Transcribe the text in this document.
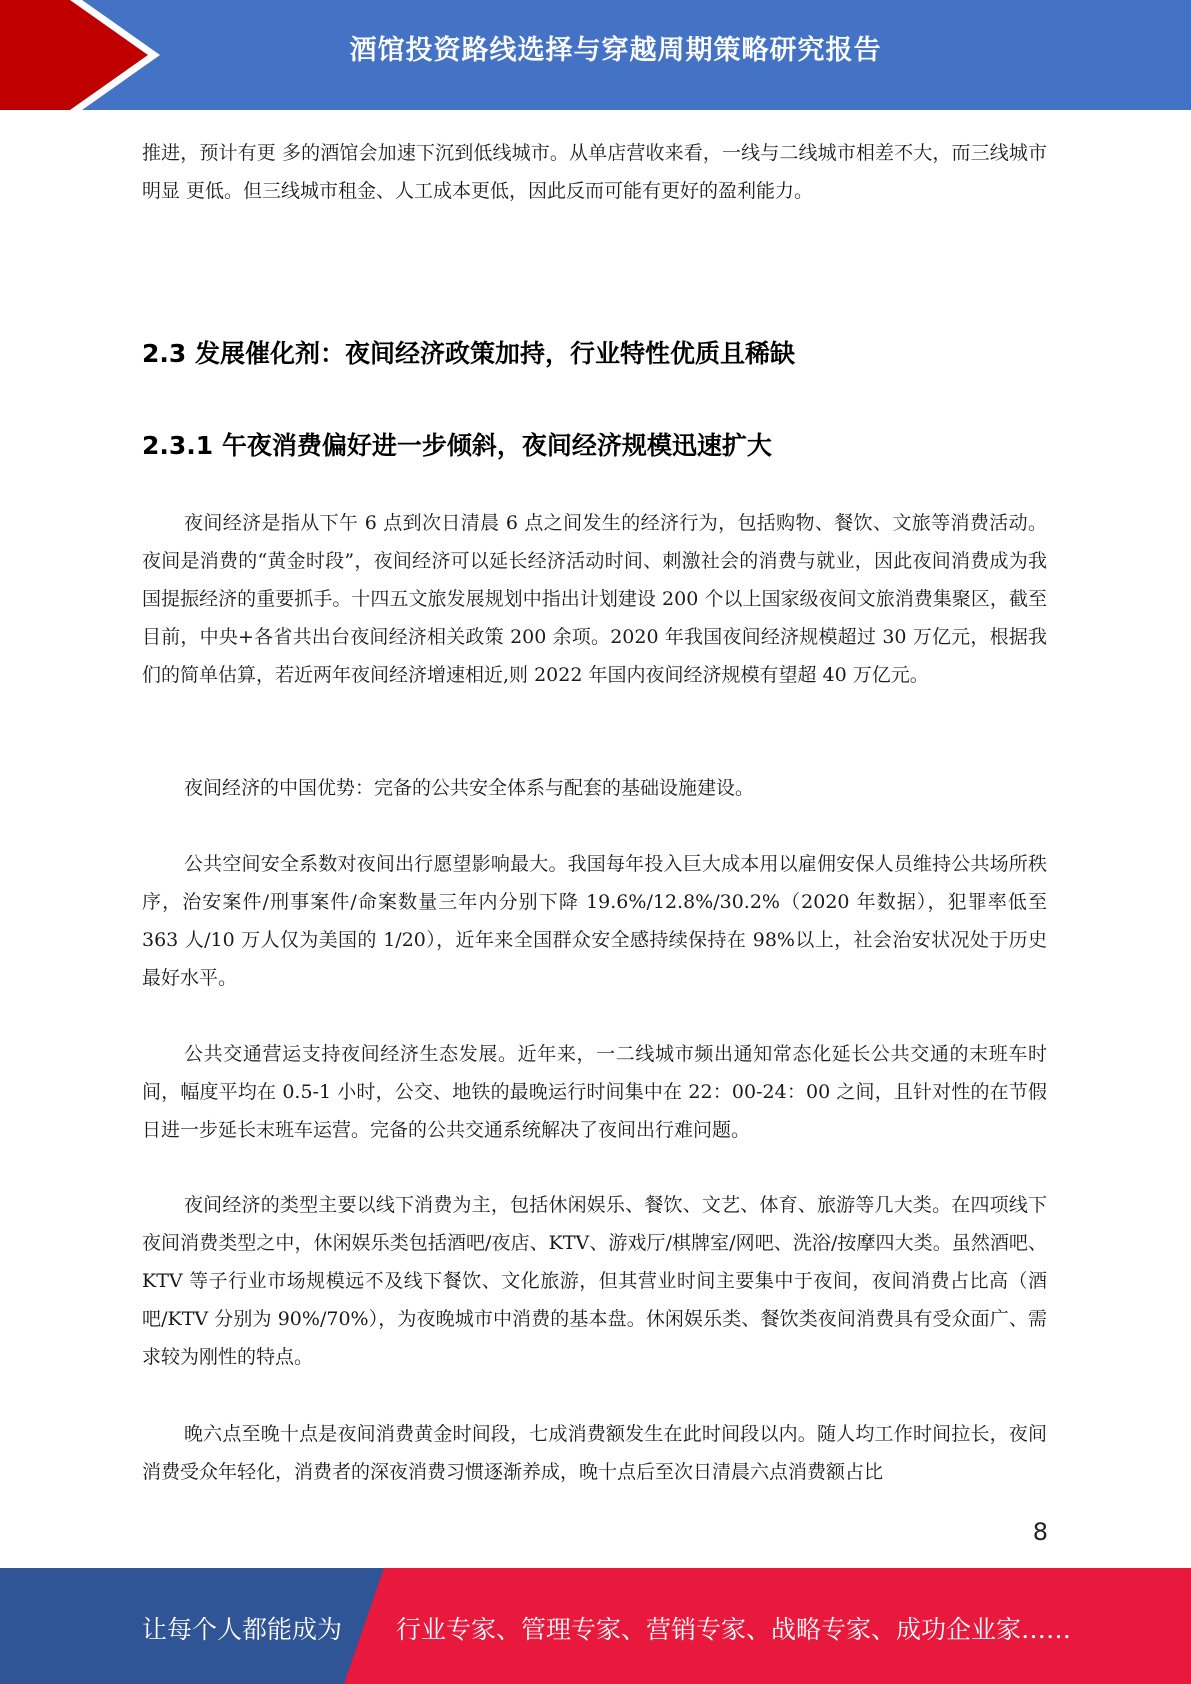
酒馆投资路线选择与穿越周期策略研究报告

推进，预计有更 多的酒馆会加速下沉到低线城市。从单店营收来看，一线与二线城市相差不大，而三线城市明显 更低。但三线城市租金、人工成本更低，因此反而可能有更好的盈利能力。

2.3 发展催化剂：夜间经济政策加持，行业特性优质且稀缺
2.3.1 午夜消费偏好进一步倾斜，夜间经济规模迅速扩大

夜间经济是指从下午 6 点到次日清晨 6 点之间发生的经济行为，包括购物、餐饮、文旅等消费活动。夜间是消费的“黄金时段”，夜间经济可以延长经济活动时间、刺激社会的消费与就业，因此夜间消费成为我国提振经济的重要抓手。十四五文旅发展规划中指出计划建设 200 个以上国家级夜间文旅消费集聚区，截至目前，中央+各省共出台夜间经济相关政策 200 余项。2020 年我国夜间经济规模超过 30 万亿元，根据我们的简单估算，若近两年夜间经济增速相近,则 2022 年国内夜间经济规模有望超 40 万亿元。

夜间经济的中国优势：完备的公共安全体系与配套的基础设施建设。

公共空间安全系数对夜间出行愿望影响最大。我国每年投入巨大成本用以雇佣安保人员维持公共场所秩序，治安案件/刑事案件/命案数量三年内分别下降 19.6%/12.8%/30.2%（2020 年数据），犯罪率低至 363 人/10 万人仅为美国的 1/20），近年来全国群众安全感持续保持在 98%以上，社会治安状况处于历史最好水平。

公共交通营运支持夜间经济生态发展。近年来，一二线城市频出通知常态化延长公共交通的末班车时间，幅度平均在 0.5-1 小时，公交、地铁的最晚运行时间集中在 22：00-24：00 之间，且针对性的在节假日进一步延长末班车运营。完备的公共交通系统解决了夜间出行难问题。

夜间经济的类型主要以线下消费为主，包括休闲娱乐、餐饮、文艺、体育、旅游等几大类。在四项线下夜间消费类型之中，休闲娱乐类包括酒吧/夜店、KTV、游戏厅/棋牌室/网吧、洗浴/按摩四大类。虽然酒吧、KTV 等子行业市场规模远不及线下餐饮、文化旅游，但其营业时间主要集中于夜间，夜间消费占比高（酒吧/KTV 分别为 90%/70%），为夜晚城市中消费的基本盘。休闲娱乐类、餐饮类夜间消费具有受众面广、需求较为刚性的特点。

晚六点至晚十点是夜间消费黄金时间段，七成消费额发生在此时间段以内。随人均工作时间拉长，夜间消费受众年轻化，消费者的深夜消费习惯逐渐养成，晚十点后至次日清晨六点消费额占比

8
让每个人都能成为 行业专家、管理专家、营销专家、战略专家、成功企业家……
